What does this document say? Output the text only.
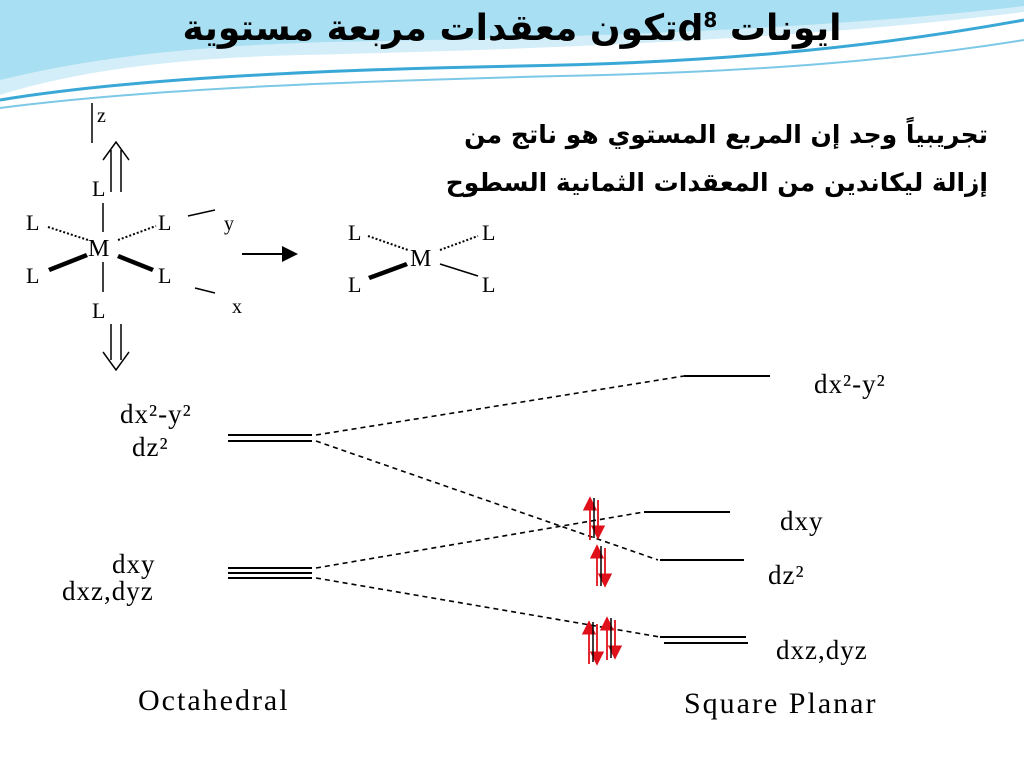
ايونات $d^8تكون$ معقدات مربعة مستوية
تجريبياً وجد إن المربع المستوي هو ناتج من
إزالة ليكاندين من المعقدات الثمانية السطوح
z
L
L
M
L	y
L	L
x
L
L
M
L
L	L
dx²-y²
dz²
dxy
dxz,dyz
dx²-y²
dxy
dz²
dxz,dyz
Octahedral	Square Planar
